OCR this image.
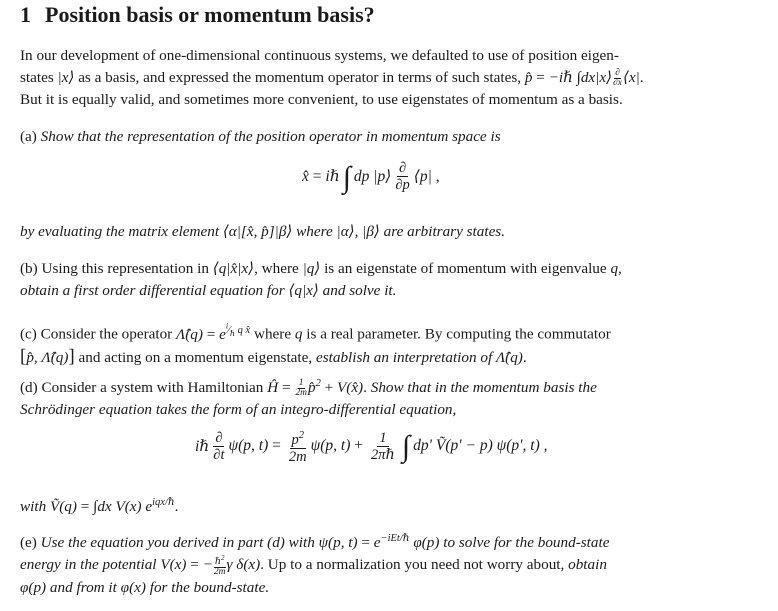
1 Position basis or momentum basis?
In our development of one-dimensional continuous systems, we defaulted to use of position eigen-
states |x⟩ as a basis, and expressed the momentum operator in terms of such states, p̂ = −iℏ ∫dx|x⟩ ∂
∂x ⟨x|.
But it is equally valid, and sometimes more convenient, to use eigenstates of momentum as a basis.
(a) Show that the representation of the position operator in momentum space is
x̂ = iℏ ∫ dp |p⟩ $\frac{\partial}{\partial p}$ ⟨p| ,
by evaluating the matrix element ⟨α|[x̂, p̂]|β⟩ where |α⟩, |β⟩ are arbitrary states.
(b) Using this representation in ⟨q|x̂|x⟩, where |q⟩ is an eigenstate of momentum with eigenvalue q,
obtain a first order differential equation for ⟨q|x⟩ and solve it.
(c) Consider the operator Λ̂(q) = $e^{^i⁄_\hbar q x̂}$ where q is a real parameter. By computing the commutator
[p̂, Λ̂(q)] and acting on a momentum eigenstate, establish an interpretation of Λ̂(q).
(d) Consider a system with Hamiltonian Ĥ = $\frac{1}{2m}$ p̂$^2$ + V(x̂). Show that in the momentum basis the
Schrödinger equation takes the form of an integro-differential equation,
iℏ $\frac{\partial}{\partial t} \psi(p$, $t) = \frac{p^2}{2m} \psi(p$, $t) + \frac{1}{\text{2πℏ}}$ ∫ dp′ Ṽ(p′ − p) ψ(p′, t) ,
with Ṽ(q) = ∫dx V(x) $e^{iqx/\hbar}$.
(e) Use the equation you derived in part (d) with ψ(p, $t) = e^{-iEt/\hbar}$ φ(p) to solve for the bound-state
energy in the potential V(x) = − ℏ$^2$
2m γ δ(x). Up to a normalization you need not worry about, obtain
φ(p) and from it φ(x) for the bound-state.
